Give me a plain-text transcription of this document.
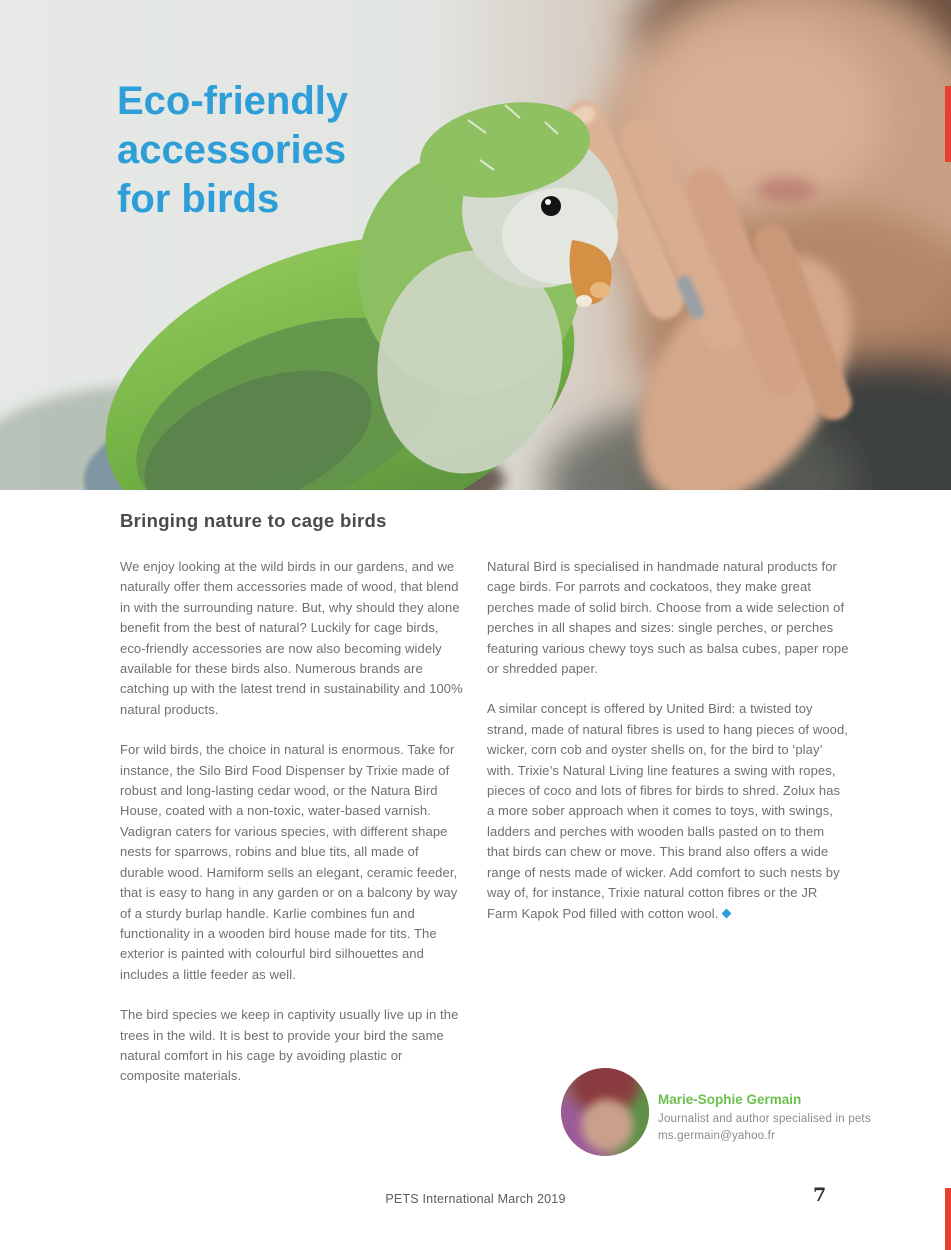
Eco-friendly
accessories
for birds
Bringing nature to cage birds

We enjoy looking at the wild birds in our gardens, and we naturally offer them accessories made of wood, that blend in with the surrounding nature. But, why should they alone benefit from the best of natural? Luckily for cage birds, eco-friendly accessories are now also becoming widely available for these birds also. Numerous brands are catching up with the latest trend in sustainability and 100% natural products.

For wild birds, the choice in natural is enormous. Take for instance, the Silo Bird Food Dispenser by Trixie made of robust and long-lasting cedar wood, or the Natura Bird House, coated with a non-toxic, water-based varnish. Vadigran caters for various species, with different shape nests for sparrows, robins and blue tits, all made of durable wood. Hamiform sells an elegant, ceramic feeder, that is easy to hang in any garden or on a balcony by way of a sturdy burlap handle. Karlie combines fun and functionality in a wooden bird house made for tits. The exterior is painted with colourful bird silhouettes and includes a little feeder as well.

The bird species we keep in captivity usually live up in the trees in the wild. It is best to provide your bird the same natural comfort in his cage by avoiding plastic or composite materials.

Natural Bird is specialised in handmade natural products for cage birds. For parrots and cockatoos, they make great perches made of solid birch. Choose from a wide selection of perches in all shapes and sizes: single perches, or perches featuring various chewy toys such as balsa cubes, paper rope or shredded paper.

A similar concept is offered by United Bird: a twisted toy strand, made of natural fibres is used to hang pieces of wood, wicker, corn cob and oyster shells on, for the bird to ‘play’ with. Trixie’s Natural Living line features a swing with ropes, pieces of coco and lots of fibres for birds to shred. Zolux has a more sober approach when it comes to toys, with swings, ladders and perches with wooden balls pasted on to them that birds can chew or move. This brand also offers a wide range of nests made of wicker. Add comfort to such nests by way of, for instance, Trixie natural cotton fibres or the JR Farm Kapok Pod filled with cotton wool.

Marie-Sophie Germain

Journalist and author specialised in pets

ms.germain@yahoo.fr

PETS International March 2019	7
